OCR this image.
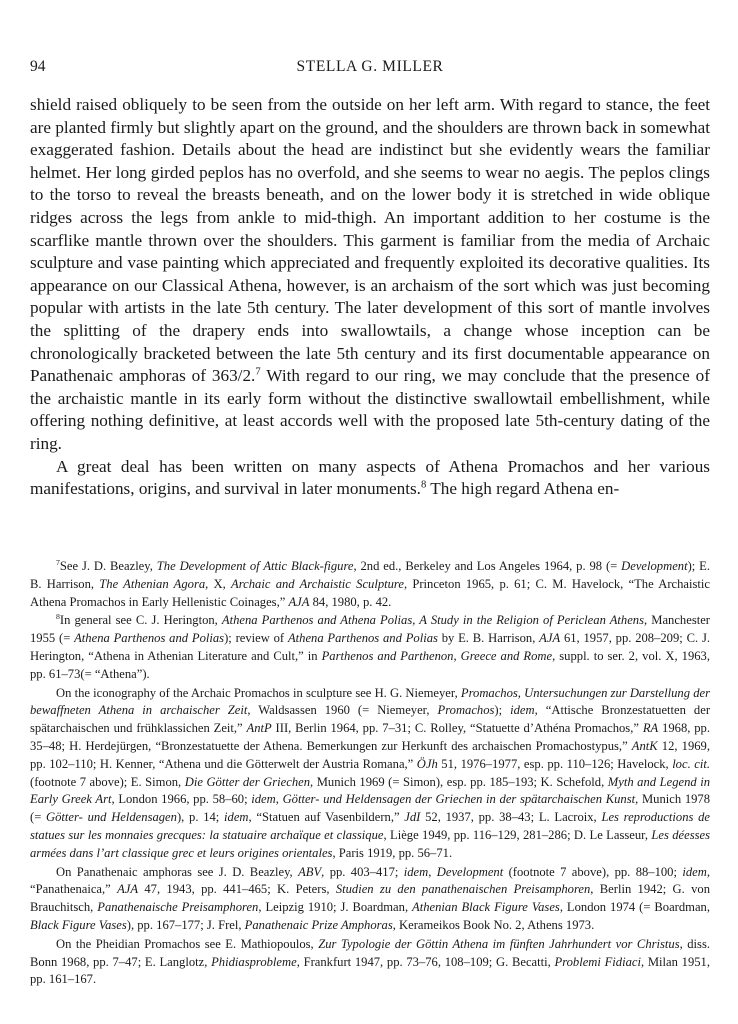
94	STELLA G. MILLER

shield raised obliquely to be seen from the outside on her left arm. With regard to stance, the feet are planted firmly but slightly apart on the ground, and the shoulders are thrown back in somewhat exaggerated fashion. Details about the head are indistinct but she evidently wears the familiar helmet. Her long girded peplos has no overfold, and she seems to wear no aegis. The peplos clings to the torso to reveal the breasts beneath, and on the lower body it is stretched in wide oblique ridges across the legs from ankle to mid-thigh. An important addition to her costume is the scarflike mantle thrown over the shoulders. This garment is familiar from the media of Archaic sculpture and vase painting which appreciated and frequently exploited its decorative qualities. Its appearance on our Classical Athena, however, is an archaism of the sort which was just becoming popular with artists in the late 5th century. The later development of this sort of mantle involves the splitting of the drapery ends into swallowtails, a change whose inception can be chronologically bracketed between the late 5th century and its first documentable appearance on Panathenaic amphoras of 363/2.$^7$ With regard to our ring, we may conclude that the presence of the archaistic mantle in its early form without the distinctive swallowtail embellishment, while offering nothing definitive, at least accords well with the proposed late 5th-century dating of the ring.

A great deal has been written on many aspects of Athena Promachos and her various manifestations, origins, and survival in later monuments.$^8$ The high regard Athena en-

$^7$See J. D. Beazley, The Development of Attic Black-figure, 2nd ed., Berkeley and Los Angeles 1964, p. 98 (= Development); E. B. Harrison, The Athenian Agora, X, Archaic and Archaistic Sculpture, Princeton 1965, p. 61; C. M. Havelock, “The Archaistic Athena Promachos in Early Hellenistic Coinages,” AJA 84, 1980, p. 42.

$^8$In general see C. J. Herington, Athena Parthenos and Athena Polias, A Study in the Religion of Periclean Athens, Manchester 1955 (= Athena Parthenos and Polias); review of Athena Parthenos and Polias by E. B. Harrison, AJA 61, 1957, pp. 208–209; C. J. Herington, “Athena in Athenian Literature and Cult,” in Parthenos and Parthenon, Greece and Rome, suppl. to ser. 2, vol. X, 1963, pp. 61–73(= “Athena”).

On the iconography of the Archaic Promachos in sculpture see H. G. Niemeyer, Promachos, Untersuchungen zur Darstellung der bewaffneten Athena in archaischer Zeit, Waldsassen 1960 (= Niemeyer, Promachos); idem, “Attische Bronzestatuetten der spätarchaischen und frühklassichen Zeit,” AntP III, Berlin 1964, pp. 7–31; C. Rolley, “Statuette d’Athéna Promachos,” RA 1968, pp. 35–48; H. Herdejürgen, “Bronzestatuette der Athena. Bemerkungen zur Herkunft des archaischen Promachostypus,” AntK 12, 1969, pp. 102–110; H. Kenner, “Athena und die Götterwelt der Austria Romana,” ÖJh 51, 1976–1977, esp. pp. 110–126; Havelock, loc. cit. (footnote 7 above); E. Simon, Die Götter der Griechen, Munich 1969 (= Simon), esp. pp. 185–193; K. Schefold, Myth and Legend in Early Greek Art, London 1966, pp. 58–60; idem, Götter- und Heldensagen der Griechen in der spätarchaischen Kunst, Munich 1978 (= Götter- und Heldensagen), p. 14; idem, “Statuen auf Vasenbildern,” JdI 52, 1937, pp. 38–43; L. Lacroix, Les reproductions de statues sur les monnaies grecques: la statuaire archaïque et classique, Liège 1949, pp. 116–129, 281–286; D. Le Lasseur, Les déesses armées dans l’art classique grec et leurs origines orientales, Paris 1919, pp. 56–71.

On Panathenaic amphoras see J. D. Beazley, ABV, pp. 403–417; idem, Development (footnote 7 above), pp. 88–100; idem, “Panathenaica,” AJA 47, 1943, pp. 441–465; K. Peters, Studien zu den panathenaischen Preisamphoren, Berlin 1942; G. von Brauchitsch, Panathenaische Preisamphoren, Leipzig 1910; J. Boardman, Athenian Black Figure Vases, London 1974 (= Boardman, Black Figure Vases), pp. 167–177; J. Frel, Panathenaic Prize Amphoras, Kerameikos Book No. 2, Athens 1973.

On the Pheidian Promachos see E. Mathiopoulos, Zur Typologie der Göttin Athena im fünften Jahrhundert vor Christus, diss. Bonn 1968, pp. 7–47; E. Langlotz, Phidiasprobleme, Frankfurt 1947, pp. 73–76, 108–109; G. Becatti, Problemi Fidiaci, Milan 1951, pp. 161–167.
